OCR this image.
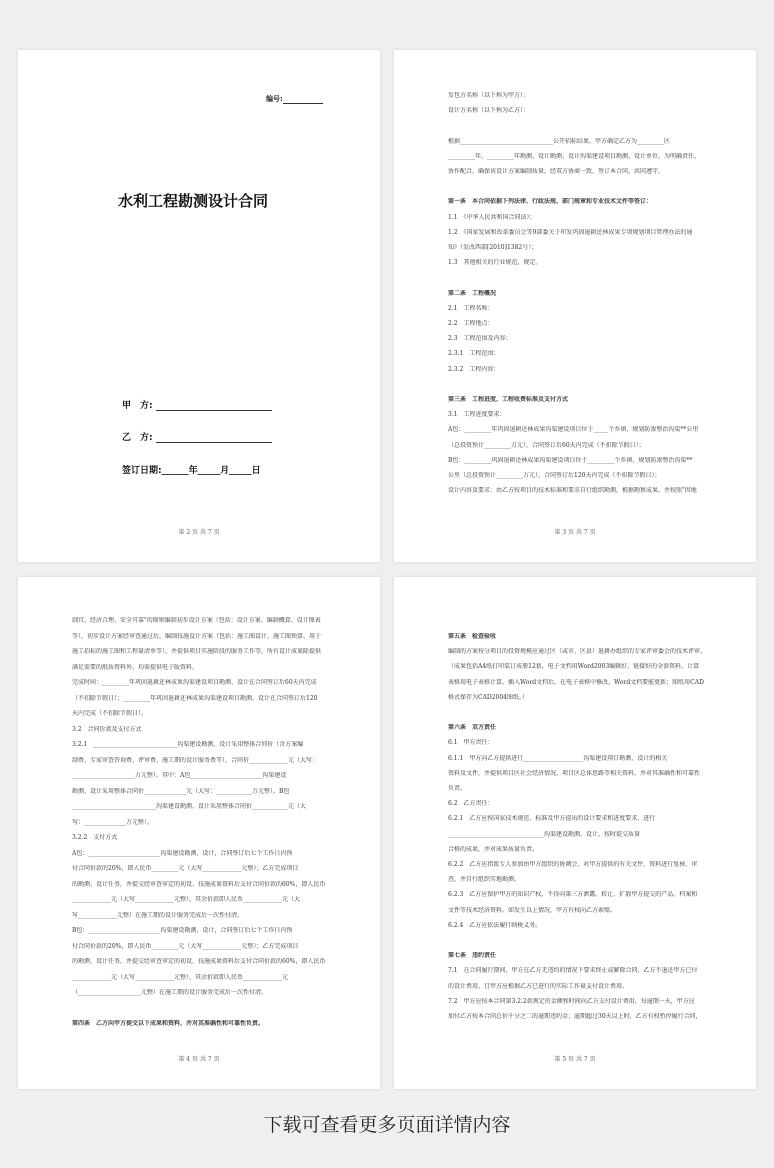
编号:
水利工程勘测设计合同
甲　方:
乙　方:
签订日期:______年_____月_____日
第 2 页 共 7 页
发包方名称（以下称为甲方）：
设计方名称（以下称为乙方）：
根据_______________________________公开招标结果，甲方确定乙方为_________区
_________年、_________年勘测、设计勘测、设计沟渠建设项目勘测、设计单位，为明确责任，
协作配合，确保该设计方案编制质量，经双方协商一致，签订本合同，共同遵守。
第一条　本合同依据下列法律、行政法规、部门规章和专业技术文件等签订：
1.1　《中华人民共和国合同法》；
1.2　《国家发展和改革委员会等9部委关于印发巩固退耕还林成果专项规划项目管理办法的通
知》（发改西部[2010]1382号）；
1.3　其他相关的行业规范，规定。
第二条　工程概况
2.1　工程名称：
2.2　工程地点：
2.3　工程范围及内容：
2.3.1　工程范围：
2.3.2　工程内容：
第三条　工程进度、工程收费标准及支付方式
3.1　工程进度要求：
A包：_________年巩固退耕还林成果沟渠建设项目位于_____个乡镇，规划防渗整治沟渠**公里
（总投资预计_________万元），合同签订后60天内完成（不扣除节假日）；
B包：_________巩固退耕还林成果沟渠建设项目位于_________个乡镇，规划防渗整治沟渠**
公里（总投资预计_________万元），合同签订后120天内完成（不扣除节假日）；
设计内容及要求：由乙方按项目的技术标准和要求自行组织勘测，根据勘察成果，并按照"因地
第 3 页 共 7 页
制宜、经济合理、安全可靠"的原则编制初步设计方案（包括：设计方案、编制概算、设计图表
等），初步设计方案经审查通过后，编制技施设计方案（包括：施工图设计、施工图预算、用于
施工招标的施工图和工程量清单等），并提供项目实施阶段的服务工作等，所有设计成果除提供
满足需要的纸质资料外，均需提供电子版资料。
完成时间：_________年巩固退耕还林成果沟渠建设项目勘测、设计在合同签订后60天内完成
（不扣除节假日）；_________年巩固退耕还林成果沟渠建设项目勘测、设计在合同签订后120
天内完成（不扣除节假日）。
3.2　合同价款及支付方式
3.2.1　____________________________沟渠建设勘测、设计采用整体合同价（含方案编
制费、专家审查咨询费、评审费、施工期的设计服务费等），合同价_____________元（大写：
_____________________万元整），其中：A包________________________沟渠建设
勘测、设计采用整体合同价______________元（大写：____________万元整），B包
____________________________沟渠建设勘测、设计采用整体合同价____________元（大
写：______________万元整）。
3.2.2　支付方式
A包：________________________沟渠建设勘测，设计，合同签订后七个工作日内预
付合同价款的20%，即人民币_________元（大写_____________元整）；乙方完成项目
的勘测、设计任务，并提交经审查审定的初设、技施成果资料后支付合同价款的60%，即人民币
_____________元（大写_____________元整），其余价款即人民币_____________元（大
写_____________元整）在施工期的设计服务完成后一次性付清。
B包：________________________沟渠建设勘测、设计，合同签订后七个工作日内预
付合同价款的20%，即人民币_________元（大写_____________元整）；乙方完成项目
的勘测、设计任务，并提交经审查审定的初设、技施成果资料后支付合同价款的60%，即人民币
_____________元（大写_____________元整），其余价款即人民币_____________元
（_____________________元整）在施工期的设计服务完成后一次性付清。
第四条　乙方向甲方提交以下成果和资料，并对其准确性和可靠性负责。
第 4 页 共 7 页
第五条　检查验收
编制的方案按分项目的投资规模应通过区（或市、区县）退耕办组织的专家评审委会的技术评审。
（成果包括A4纸打印装订成册12套，电子文档用Word2003编辑好、链接好的全套资料，计算
表格用电子表格计算，插入Word文档后，在电子表格中修改，Word文档要能更新；图纸用CAD
格式保存为CAD2004图纸。）
第六条　双方责任
6.1　甲方责任：
6.1.1　甲方向乙方提供进行____________________沟渠建设项目勘测、设计的相关
资料及文件，并提供项目区社会经济情况、项目区总体思路等相关资料，并对其准确性和可靠性
负责。
6.2　乙方责任：
6.2.1　乙方应按国家技术规范、标准及甲方提出的设计要求和进度要求，进行
________________________________沟渠建设勘测、设计，按时提交质量
合格的成果，并对成果质量负责。
6.2.2　乙方应指派专人参加由甲方组织的协调会，对甲方提供的有关文件、资料进行复核、审
查，并自行组织实地勘测。
6.2.3　乙方应保护甲方的知识产权，不得向第三方泄露、转让、扩散甲方提交的产品、档案和
文件等技术经济资料。如发生以上情况，甲方有权向乙方索赔。
6.2.4　乙方应依法履行纳税义务。
第七条　违约责任
7.1　在合同履行期间，甲方在乙方无违约的情况下要求终止或解除合同，乙方不退还甲方已付
的设计费用，且甲方应根据乙方已进行的实际工作量支付设计费用。
7.2　甲方应按本合同第3.2.2款规定的金额和时间向乙方支付设计费用，每逾期一天，甲方应
加付乙方按本合同总价千分之二的逾期违约金；逾期超过30天以上时，乙方有权暂停履行合同，
第 5 页 共 7 页
下载可查看更多页面详情内容
